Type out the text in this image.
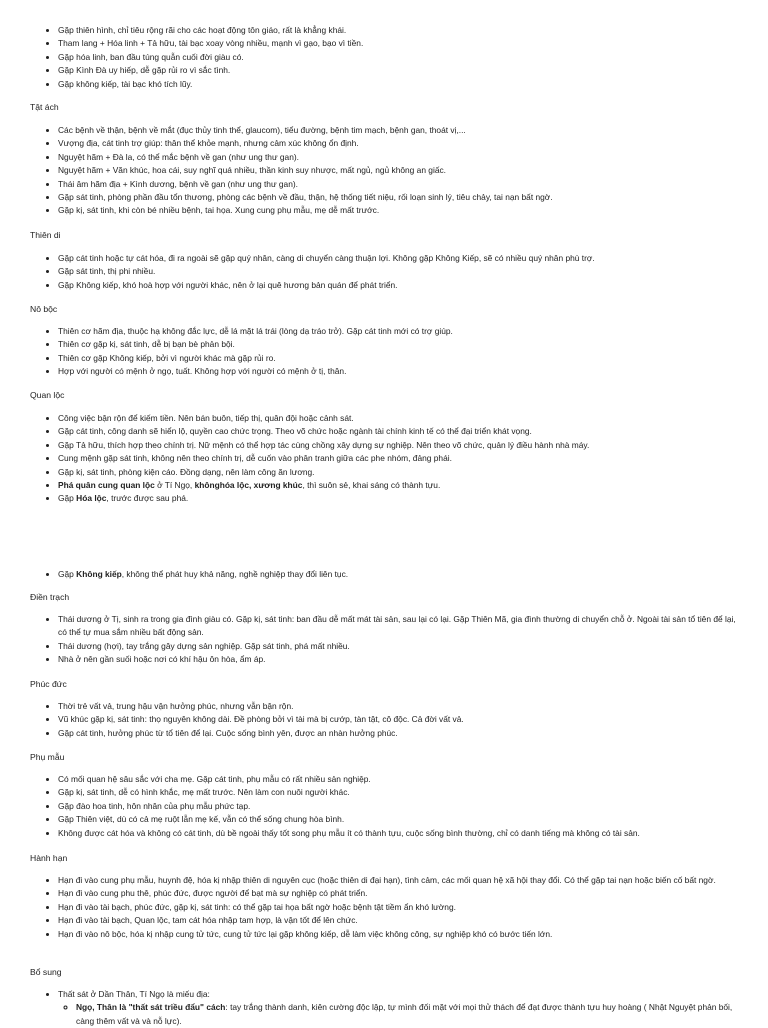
• Gặp thiên hình, chỉ tiêu rộng rãi cho các hoạt động tôn giáo, rất là khẳng khái.
• Tham lang + Hóa linh + Tả hữu, tài bạc xoay vòng nhiều, mạnh vì gạo, bạo vì tiền.
• Gặp hóa linh, ban đầu túng quẫn cuối đời giàu có.
• Gặp Kình Đà uy hiếp, dễ gặp rủi ro vì sắc tình.
• Gặp không kiếp, tài bạc khó tích lũy.

Tật ách

• Các bệnh về thận, bệnh về mắt (đục thủy tinh thể, glaucom), tiểu đường, bệnh tim mạch, bệnh gan, thoát vị,...
• Vượng địa, cát tinh trợ giúp: thân thể khỏe mạnh, nhưng cảm xúc không ổn định.
• Nguyệt hãm + Đà la, có thể mắc bệnh về gan (như ung thư gan).
• Nguyệt hãm + Văn khúc, hoa cái, suy nghĩ quá nhiều, thần kinh suy nhược, mất ngủ, ngủ không an giấc.
• Thái âm hãm địa + Kình dương, bệnh về gan (như ung thư gan).
• Gặp sát tinh, phòng phần đầu tổn thương, phòng các bệnh về đầu, thận, hệ thống tiết niệu, rối loạn sinh lý, tiêu chảy, tai nạn bất ngờ.
• Gặp kị, sát tinh, khi còn bé nhiều bệnh, tai họa. Xung cung phụ mẫu, mẹ dễ mất trước.

Thiên di

• Gặp cát tinh hoặc tự cát hóa, đi ra ngoài sẽ gặp quý nhân, càng di chuyển càng thuận lợi. Không gặp Không Kiếp, sẽ có nhiều quý nhân phù trợ.
• Gặp sát tinh, thị phi nhiều.
• Gặp Không kiếp, khó hoà hợp với người khác, nên ở lại quê hương bản quán để phát triển.

Nô bộc

• Thiên cơ hãm địa, thuộc hạ không đắc lực, dễ lá mặt lá trái (lòng dạ tráo trở). Gặp cát tinh mới có trợ giúp.
• Thiên cơ gặp kị, sát tinh, dễ bị bạn bè phản bội.
• Thiên cơ gặp Không kiếp, bởi vì người khác mà gặp rủi ro.
• Hợp với người có mệnh ở ngọ, tuất. Không hợp với người có mệnh ở tị, thân.

Quan lộc

• Công việc bận rộn để kiếm tiền. Nên bán buôn, tiếp thị, quân đội hoặc cảnh sát.
• Gặp cát tinh, công danh sẽ hiển lộ, quyền cao chức trọng. Theo võ chức hoặc ngành tài chính kinh tế có thể đại triển khát vọng.
• Gặp Tả hữu, thích hợp theo chính trị. Nữ mệnh có thể hợp tác cùng chồng xây dựng sự nghiệp. Nên theo võ chức, quản lý điều hành nhà máy.
• Cung mệnh gặp sát tinh, không nên theo chính trị, dễ cuốn vào phân tranh giữa các phe nhóm, đảng phái.
• Gặp kị, sát tinh, phòng kiện cáo. Đồng dạng, nên làm công ăn lương.
• Phá quân cung quan lộc ở Tí Ngọ, khônghóa lộc, xương khúc, thì suôn sẻ, khai sáng có thành tựu.
• Gặp Hóa lộc, trước được sau phá.
• Gặp Không kiếp, không thể phát huy khả năng, nghề nghiệp thay đổi liên tục.

Điền trạch

• Thái dương ở Tị, sinh ra trong gia đình giàu có. Gặp kị, sát tinh: ban đầu dễ mất mát tài sản, sau lại có lại. Gặp Thiên Mã, gia đình thường di chuyển chỗ ở. Ngoài tài sản tổ tiên để lại, có thể tự mua sắm nhiều bất động sản.
• Thái dương (hợi), tay trắng gây dựng sản nghiệp. Gặp sát tinh, phá mất nhiều.
• Nhà ở nên gần suối hoặc nơi có khí hậu ôn hòa, ẩm áp.

Phúc đức

• Thời trẻ vất vả, trung hậu vận hưởng phúc, nhưng vẫn bận rộn.
• Vũ khúc gặp kị, sát tinh: thọ nguyên không dài. Đề phòng bởi vì tài mà bị cướp, tàn tật, cô độc. Cả đời vất vả.
• Gặp cát tinh, hưởng phúc từ tổ tiên để lại. Cuộc sống bình yên, được an nhàn hưởng phúc.

Phụ mẫu

• Có mối quan hệ sâu sắc với cha mẹ. Gặp cát tinh, phụ mẫu có rất nhiều sản nghiệp.
• Gặp kị, sát tinh, dễ có hình khắc, mẹ mất trước. Nên làm con nuôi người khác.
• Gặp đào hoa tinh, hôn nhân của phụ mẫu phức tạp.
• Gặp Thiên việt, dù có cả mẹ ruột lẫn mẹ kế, vẫn có thể sống chung hòa bình.
• Không được cát hóa và không có cát tinh, dù bề ngoài thấy tốt song phụ mẫu ít có thành tựu, cuộc sống bình thường, chỉ có danh tiếng mà không có tài sản.

Hành hạn

• Hạn đi vào cung phụ mẫu, huynh đệ, hóa kị nhập thiên di nguyên cục (hoặc thiên di đại hạn), tình cảm, các mối quan hệ xã hội thay đổi. Có thể gặp tai nạn hoặc biến cố bất ngờ.
• Hạn đi vào cung phu thê, phúc đức, được người để bạt mà sự nghiệp có phát triển.
• Hạn đi vào tài bạch, phúc đức, gặp kị, sát tinh: có thể gặp tai họa bất ngờ hoặc bệnh tật tiềm ẩn khó lường.
• Hạn đi vào tài bạch, Quan lộc, tam cát hóa nhập tam hợp, là vận tốt để lên chức.
• Hạn đi vào nô bộc, hóa kị nhập cung tử tức, cung tử tức lại gặp không kiếp, dễ làm việc không công, sự nghiệp khó có bước tiến lớn.

Bổ sung

• Thất sát ở Dần Thân, Tí Ngọ là miếu địa:
◦ Ngọ, Thân là "thất sát triều đẩu" cách: tay trắng thành danh, kiên cường độc lập, tự mình đối mặt với mọi thử thách để đạt được thành tựu huy hoàng ( Nhật Nguyệt phản bối, càng thêm vất và và nỗ lực).
